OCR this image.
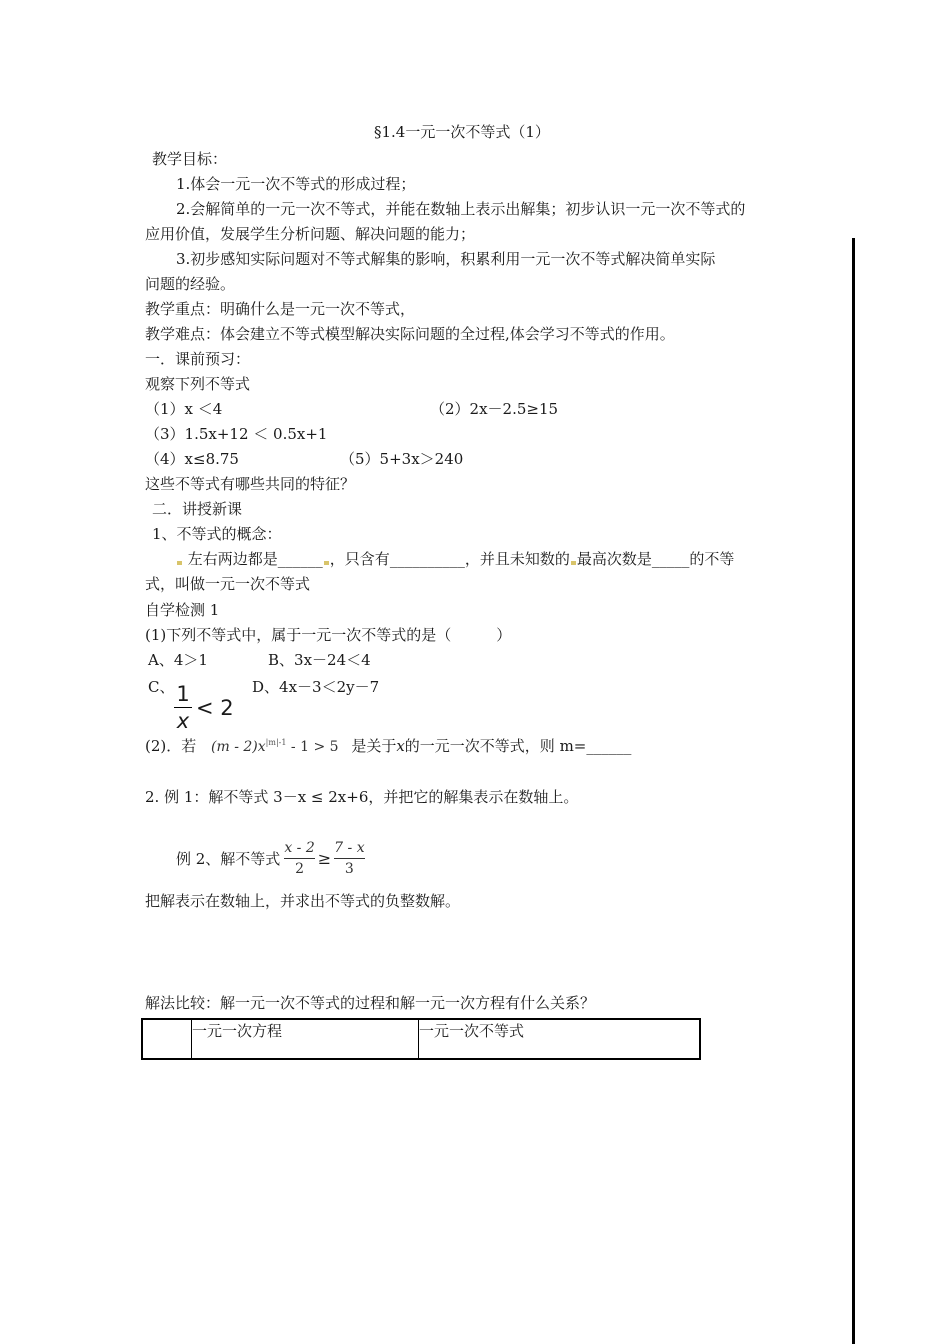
§1.4一元一次不等式（1）
教学目标：
1.体会一元一次不等式的形成过程；
2.会解简单的一元一次不等式，并能在数轴上表示出解集；初步认识一元一次不等式的
应用价值，发展学生分析问题、解决问题的能力；
3.初步感知实际问题对不等式解集的影响，积累利用一元一次不等式解决简单实际
问题的经验。
教学重点：明确什么是一元一次不等式，
教学难点：体会建立不等式模型解决实际问题的全过程,体会学习不等式的作用。
一．课前预习：
观察下列不等式
（1）x ＜4	（2）2x－2.5≥15
（3）1.5x+12 ＜ 0.5x+1
（4）x≤8.75	（5）5+3x＞240
这些不等式有哪些共同的特征？
二．讲授新课
1、不等式的概念：
左右两边都是______ ，只含有__________，并且未知数的 最高次数是_____的不等
式，叫做一元一次不等式
自学检测 1
(1)下列不等式中，属于一元一次不等式的是（　　　）
A、4＞1	B、3x－24＜4
C、	D、4x－3＜2y－7
1
x
< 2
(2)．若 $(m - 2)x^{|m|-1} - 1 > 5$ 是关于x的一元一次不等式，则 m=______
2. 例 1：解不等式 3－x ≤ 2x+6，并把它的解集表示在数轴上。
例 2、解不等式 $\frac{x - 2}{2} \ge \frac{7 - x}{3}$
把解表示在数轴上，并求出不等式的负整数解。
解法比较：解一元一次不等式的过程和解一元一次方程有什么关系？
	一元一次方程	一元一次不等式
